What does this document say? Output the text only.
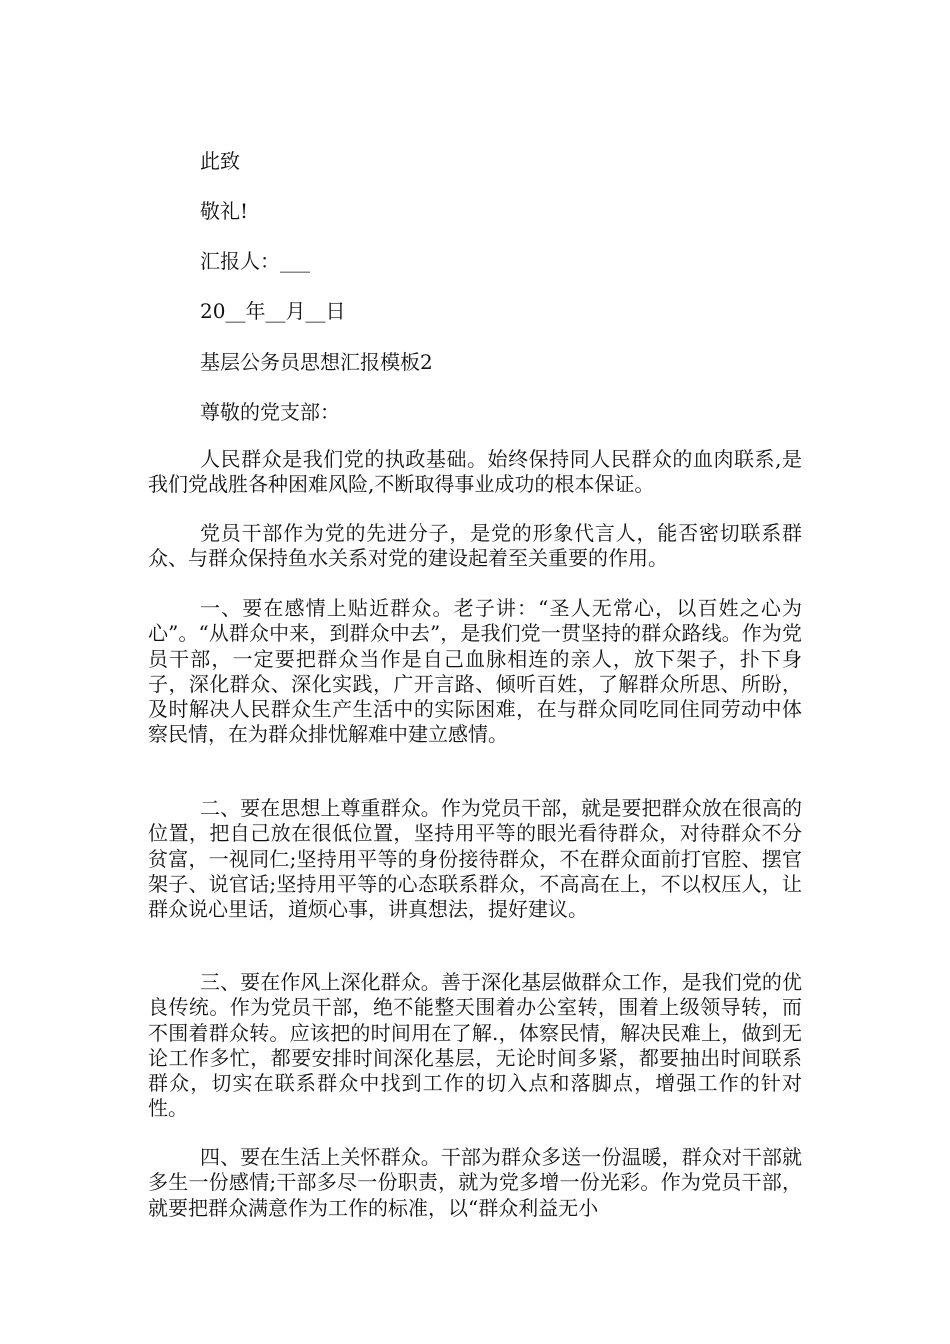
此致
敬礼!
汇报人：___
20__年__月__日
基层公务员思想汇报模板2
尊敬的党支部：

人民群众是我们党的执政基础。始终保持同人民群众的血肉联系,是我们党战胜各种困难风险,不断取得事业成功的根本保证。

党员干部作为党的先进分子，是党的形象代言人，能否密切联系群众、与群众保持鱼水关系对党的建设起着至关重要的作用。

一、要在感情上贴近群众。老子讲：“圣人无常心，以百姓之心为心”。“从群众中来，到群众中去”，是我们党一贯坚持的群众路线。作为党员干部，一定要把群众当作是自己血脉相连的亲人，放下架子，扑下身子，深化群众、深化实践，广开言路、倾听百姓，了解群众所思、所盼，及时解决人民群众生产生活中的实际困难，在与群众同吃同住同劳动中体察民情，在为群众排忧解难中建立感情。

二、要在思想上尊重群众。作为党员干部，就是要把群众放在很高的位置，把自己放在很低位置，坚持用平等的眼光看待群众，对待群众不分贫富，一视同仁;坚持用平等的身份接待群众，不在群众面前打官腔、摆官架子、说官话;坚持用平等的心态联系群众，不高高在上，不以权压人，让群众说心里话，道烦心事，讲真想法，提好建议。

三、要在作风上深化群众。善于深化基层做群众工作，是我们党的优良传统。作为党员干部，绝不能整天围着办公室转，围着上级领导转，而不围着群众转。应该把的时间用在了解.，体察民情，解决民难上，做到无论工作多忙，都要安排时间深化基层，无论时间多紧，都要抽出时间联系群众，切实在联系群众中找到工作的切入点和落脚点，增强工作的针对性。

四、要在生活上关怀群众。干部为群众多送一份温暖，群众对干部就多生一份感情;干部多尽一份职责，就为党多增一份光彩。作为党员干部，就要把群众满意作为工作的标准，以“群众利益无小
